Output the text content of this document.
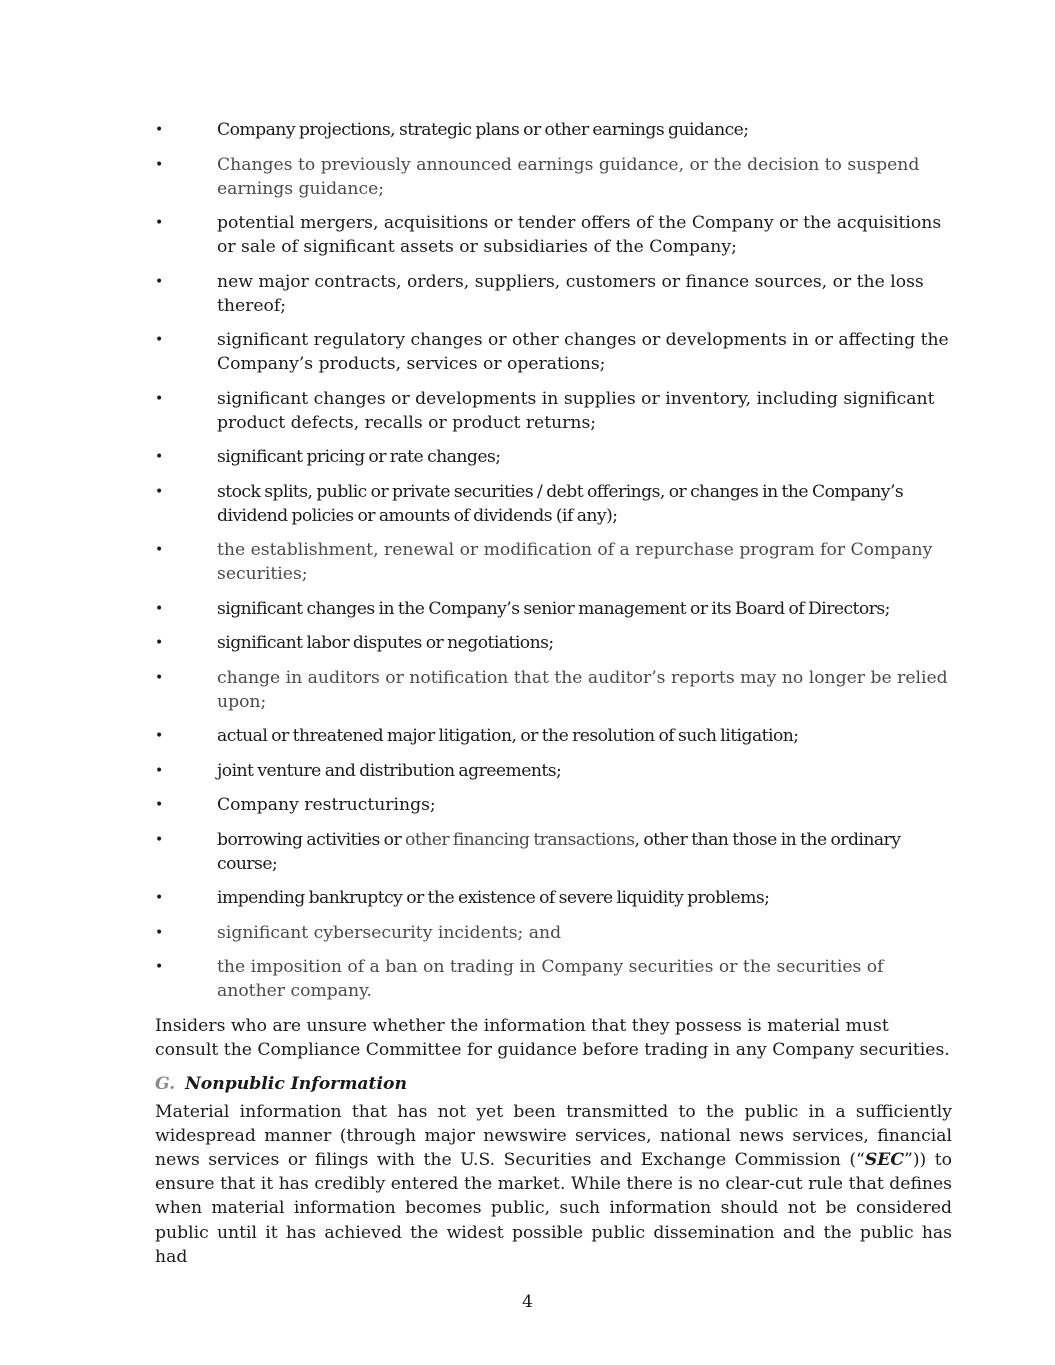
•	Company projections, strategic plans or other earnings guidance;
•	Changes to previously announced earnings guidance, or the decision to suspend earnings guidance;
•	potential mergers, acquisitions or tender offers of the Company or the acquisitions or sale of significant assets or subsidiaries of the Company;
•	new major contracts, orders, suppliers, customers or finance sources, or the loss thereof;
•	significant regulatory changes or other changes or developments in or affecting the Company’s products, services or operations;
•	significant changes or developments in supplies or inventory, including significant product defects, recalls or product returns;
•	significant pricing or rate changes;
•	stock splits, public or private securities / debt offerings, or changes in the Company’s dividend policies or amounts of dividends (if any);
•	the establishment, renewal or modification of a repurchase program for Company securities;
•	significant changes in the Company’s senior management or its Board of Directors;
•	significant labor disputes or negotiations;
•	change in auditors or notification that the auditor’s reports may no longer be relied upon;
•	actual or threatened major litigation, or the resolution of such litigation;
•	joint venture and distribution agreements;
•	Company restructurings;
•	borrowing activities or other financing transactions, other than those in the ordinary course;
•	impending bankruptcy or the existence of severe liquidity problems;
•	significant cybersecurity incidents; and
•	the imposition of a ban on trading in Company securities or the securities of another company.

Insiders who are unsure whether the information that they possess is material must consult the Compliance Committee for guidance before trading in any Company securities.

G. Nonpublic Information

Material information that has not yet been transmitted to the public in a sufficiently widespread manner (through major newswire services, national news services, financial news services or filings with the U.S. Securities and Exchange Commission (“SEC”)) to ensure that it has credibly entered the market. While there is no clear-cut rule that defines when material information becomes public, such information should not be considered public until it has achieved the widest possible public dissemination and the public has had

4
